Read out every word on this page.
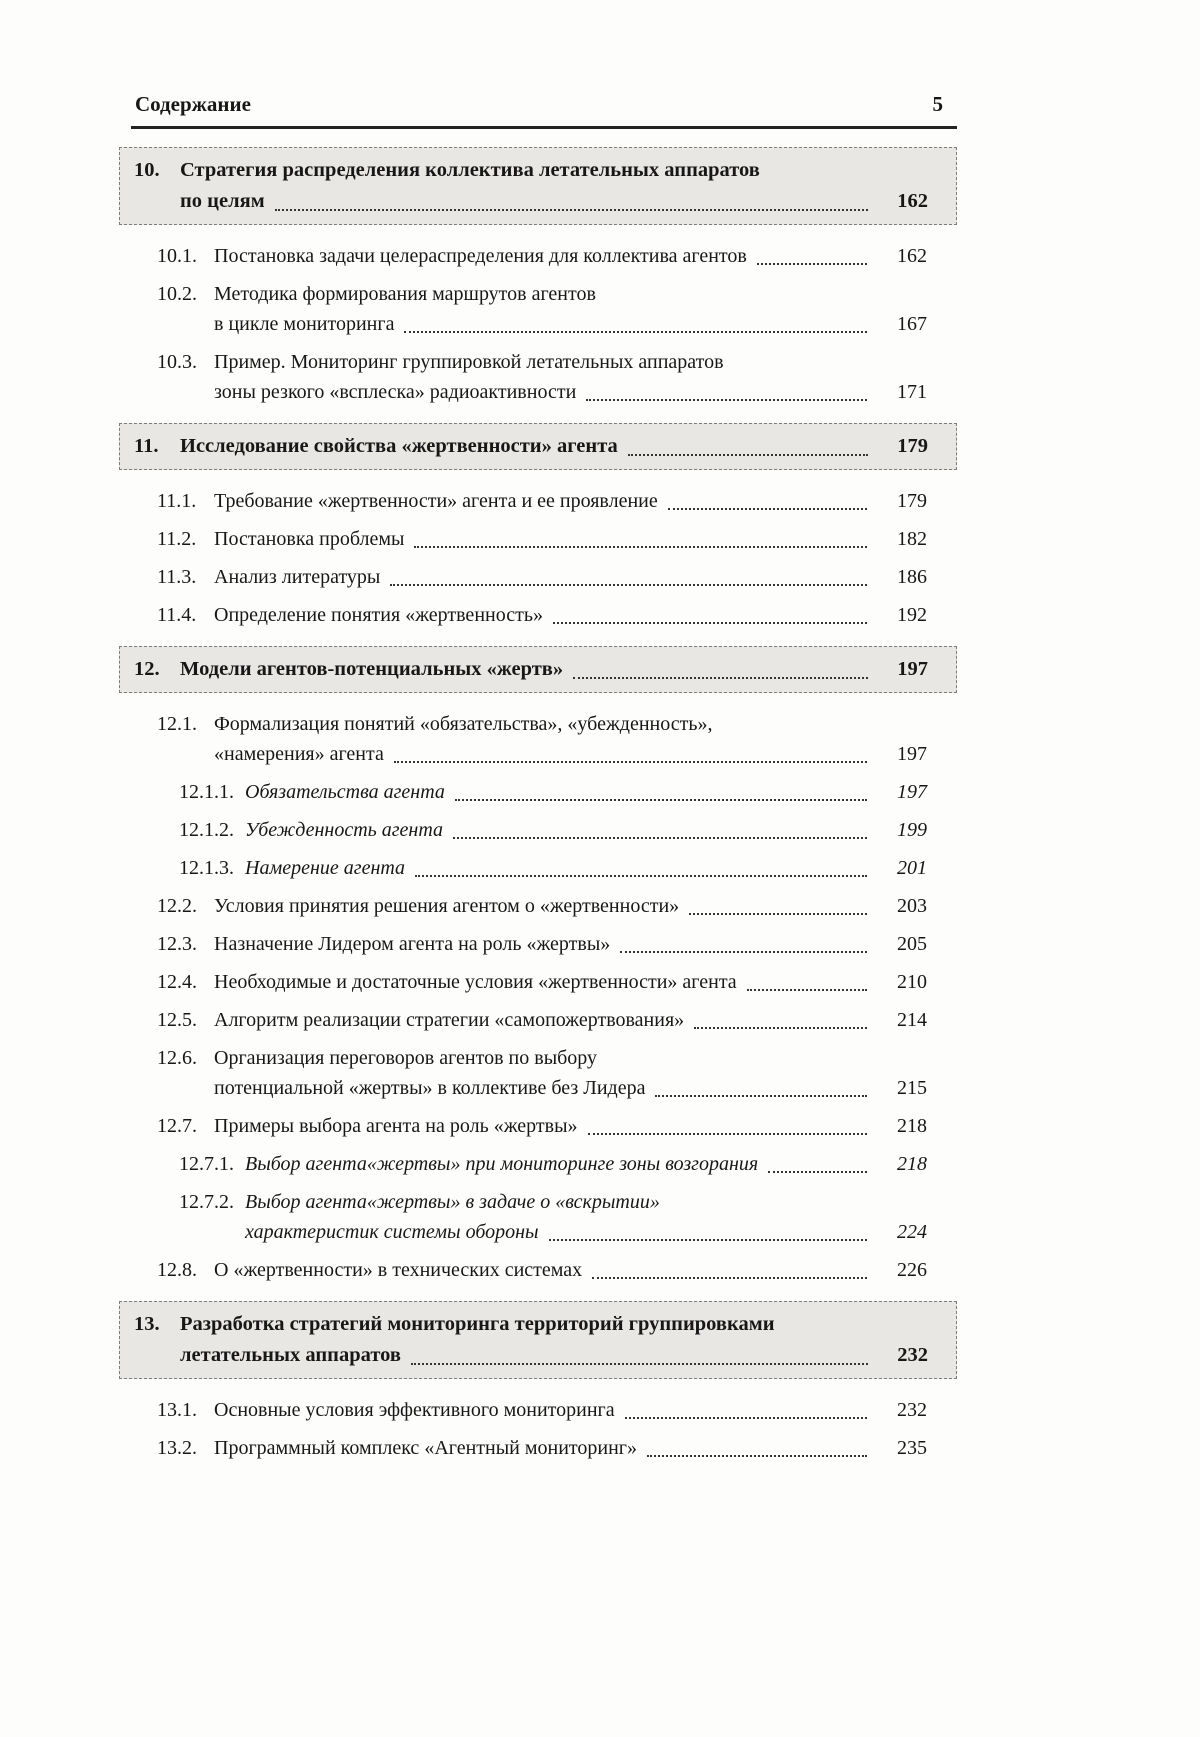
Содержание	5
10. Стратегия распределения коллектива летательных аппаратов
по целям	162
10.1. Постановка задачи целераспределения для коллектива агентов	162
10.2. Методика формирования маршрутов агентов
в цикле мониторинга	167
10.3. Пример. Мониторинг группировкой летательных аппаратов
зоны резкого «всплеска» радиоактивности	171
11.	Исследование свойства «жертвенности» агента	179
11.1. Требование «жертвенности» агента и ее проявление	179
11.2. Постановка проблемы	182
11.3. Анализ литературы	186
11.4. Определение понятия «жертвенность»	192
12. Модели агентов-потенциальных «жертв»	197
12.1. Формализация понятий «обязательства», «убежденность»,
«намерения» агента	197
12.1.1. Обязательства агента	197
12.1.2. Убежденность агента	199
12.1.3. Намерение агента	201
12.2. Условия принятия решения агентом о «жертвенности»	203
12.3. Назначение Лидером агента на роль «жертвы»	205
12.4. Необходимые и достаточные условия «жертвенности» агента	210
12.5. Алгоритм реализации стратегии «самопожертвования»	214
12.6. Организация переговоров агентов по выбору
потенциальной «жертвы» в коллективе без Лидера	215
12.7. Примеры выбора агента на роль «жертвы»	218
12.7.1. Выбор агента«жертвы» при мониторинге зоны возгорания	218
12.7.2. Выбор агента«жертвы» в задаче о «вскрытии»
характеристик системы обороны	224
12.8. О «жертвенности» в технических системах	226
13. Разработка стратегий мониторинга территорий группировками
летательных аппаратов	232
13.1. Основные условия эффективного мониторинга	232
13.2. Программный комплекс «Агентный мониторинг»	235
